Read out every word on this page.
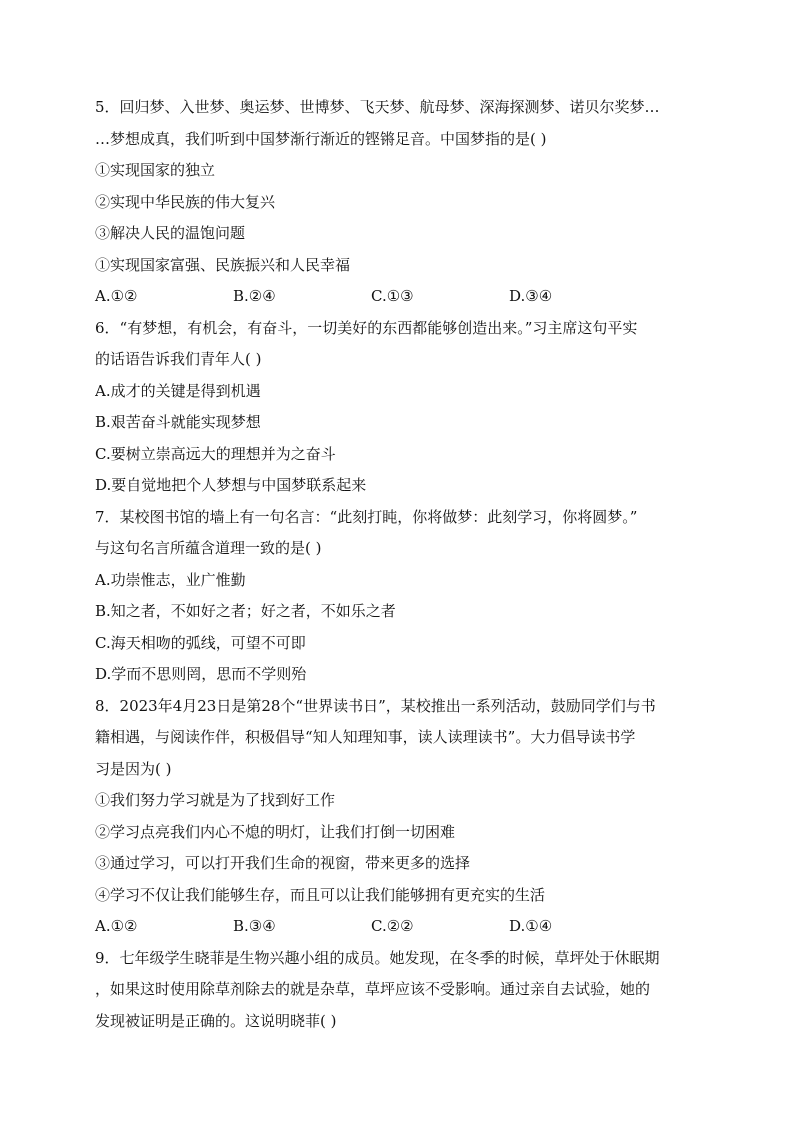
5．回归梦、入世梦、奥运梦、世博梦、飞天梦、航母梦、深海探测梦、诺贝尔奖梦…
…梦想成真，我们听到中国梦渐行渐近的铿锵足音。中国梦指的是( )
①实现国家的独立
②实现中华民族的伟大复兴
③解决人民的温饱问题
①实现国家富强、民族振兴和人民幸福
A.①②	B.②④	C.①③	D.③④
6．“有梦想，有机会，有奋斗，一切美好的东西都能够创造出来。”习主席这句平实
的话语告诉我们青年人( )
A.成才的关键是得到机遇
B.艰苦奋斗就能实现梦想
C.要树立崇高远大的理想并为之奋斗
D.要自觉地把个人梦想与中国梦联系起来
7．某校图书馆的墙上有一句名言：“此刻打盹，你将做梦：此刻学习，你将圆梦。”
与这句名言所蕴含道理一致的是( )
A.功崇惟志，业广惟勤
B.知之者，不如好之者；好之者，不如乐之者
C.海天相吻的弧线，可望不可即
D.学而不思则罔，思而不学则殆
8．2023年4月23日是第28个“世界读书日”，某校推出一系列活动，鼓励同学们与书
籍相遇，与阅读作伴，积极倡导“知人知理知事，读人读理读书”。大力倡导读书学
习是因为( )
①我们努力学习就是为了找到好工作
②学习点亮我们内心不熄的明灯，让我们打倒一切困难
③通过学习，可以打开我们生命的视窗，带来更多的选择
④学习不仅让我们能够生存，而且可以让我们能够拥有更充实的生活
A.①②	B.③④	C.②②	D.①④
9．七年级学生晓菲是生物兴趣小组的成员。她发现，在冬季的时候，草坪处于休眠期
，如果这时使用除草剂除去的就是杂草，草坪应该不受影响。通过亲自去试验，她的
发现被证明是正确的。这说明晓菲( )
